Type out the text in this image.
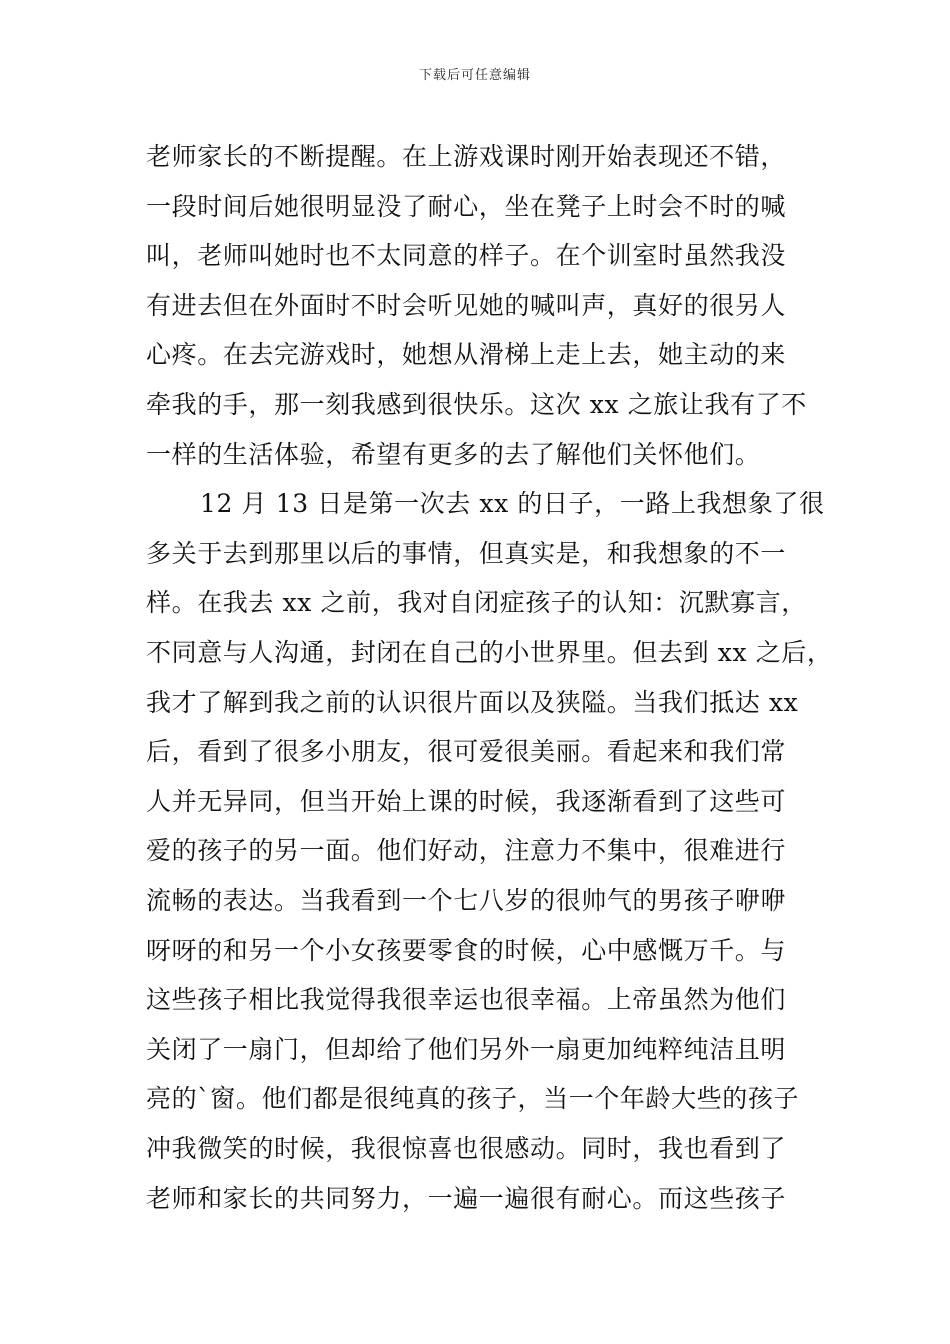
下载后可任意编辑
老师家长的不断提醒。在上游戏课时刚开始表现还不错，
一段时间后她很明显没了耐心，坐在凳子上时会不时的喊
叫，老师叫她时也不太同意的样子。在个训室时虽然我没
有进去但在外面时不时会听见她的喊叫声，真好的很另人
心疼。在去完游戏时，她想从滑梯上走上去，她主动的来
牵我的手，那一刻我感到很快乐。这次 xx 之旅让我有了不
一样的生活体验，希望有更多的去了解他们关怀他们。
12 月 13 日是第一次去 xx 的日子，一路上我想象了很
多关于去到那里以后的事情，但真实是，和我想象的不一
样。在我去 xx 之前，我对自闭症孩子的认知：沉默寡言，
不同意与人沟通，封闭在自己的小世界里。但去到 xx 之后，
我才了解到我之前的认识很片面以及狭隘。当我们抵达 xx
后，看到了很多小朋友，很可爱很美丽。看起来和我们常
人并无异同，但当开始上课的时候，我逐渐看到了这些可
爱的孩子的另一面。他们好动，注意力不集中，很难进行
流畅的表达。当我看到一个七八岁的很帅气的男孩子咿咿
呀呀的和另一个小女孩要零食的时候，心中感慨万千。与
这些孩子相比我觉得我很幸运也很幸福。上帝虽然为他们
关闭了一扇门，但却给了他们另外一扇更加纯粹纯洁且明
亮的`窗。他们都是很纯真的孩子，当一个年龄大些的孩子
冲我微笑的时候，我很惊喜也很感动。同时，我也看到了
老师和家长的共同努力，一遍一遍很有耐心。而这些孩子
